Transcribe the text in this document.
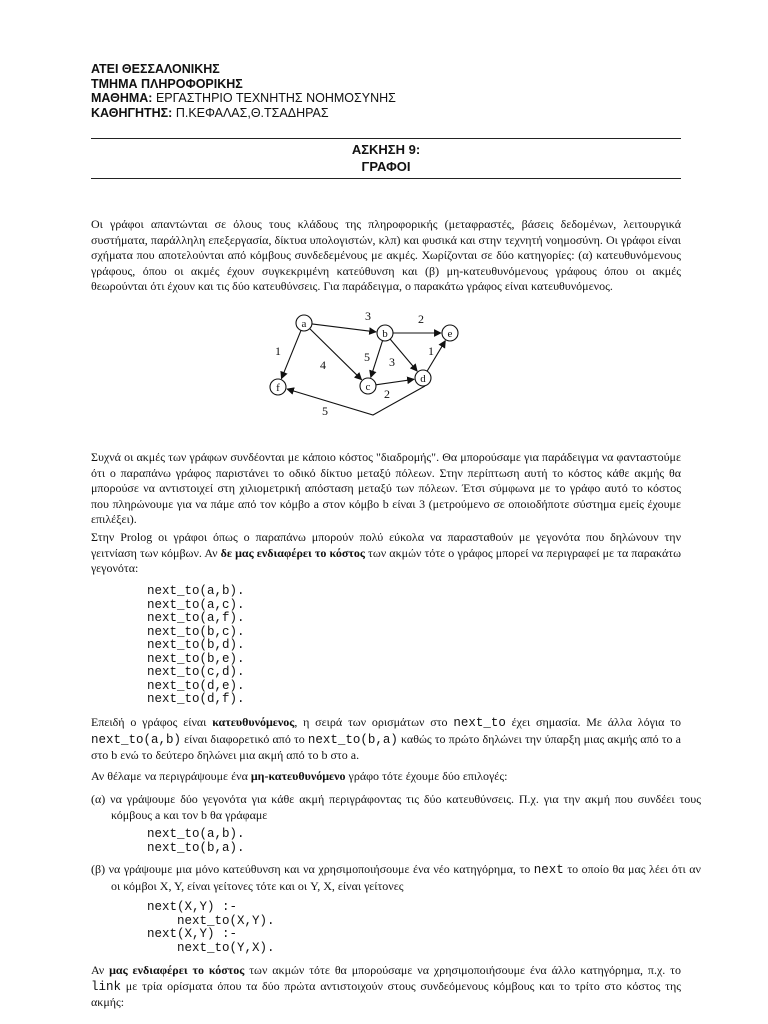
ΑΤΕΙ ΘΕΣΣΑΛΟΝΙΚΗΣ
ΤΜΗΜΑ ΠΛΗΡΟΦΟΡΙΚΗΣ
ΜΑΘΗΜΑ: ΕΡΓΑΣΤΗΡΙΟ ΤΕΧΝΗΤΗΣ ΝΟΗΜΟΣΥΝΗΣ
ΚΑΘΗΓΗΤΗΣ: Π.ΚΕΦΑΛΑΣ,Θ.ΤΣΑΔΗΡΑΣ
ΑΣΚΗΣΗ 9:
ΓΡΑΦΟΙ
Οι γράφοι απαντώνται σε όλους τους κλάδους της πληροφορικής (μεταφραστές, βάσεις δεδομένων, λειτουργικά συστήματα, παράλληλη επεξεργασία, δίκτυα υπολογιστών, κλπ) και φυσικά και στην τεχνητή νοημοσύνη. Οι γράφοι είναι σχήματα που αποτελούνται από κόμβους συνδεδεμένους με ακμές. Χωρίζονται σε δύο κατηγορίες: (α) κατευθυνόμενους γράφους, όπου οι ακμές έχουν συγκεκριμένη κατεύθυνση και (β) μη-κατευθυνόμενους γράφους όπου οι ακμές θεωρούνται ότι έχουν και τις δύο κατευθύνσεις. Για παράδειγμα, ο παρακάτω γράφος είναι κατευθυνόμενος.
3	2
1
4
5 3
1
2
5
a
b
c
d
e
f
Συχνά οι ακμές των γράφων συνδέονται με κάποιο κόστος "διαδρομής". Θα μπορούσαμε για παράδειγμα να φανταστούμε ότι ο παραπάνω γράφος παριστάνει το οδικό δίκτυο μεταξύ πόλεων. Στην περίπτωση αυτή το κόστος κάθε ακμής θα μπορούσε να αντιστοιχεί στη χιλιομετρική απόσταση μεταξύ των πόλεων. Έτσι σύμφωνα με το γράφο αυτό το κόστος που πληρώνουμε για να πάμε από τον κόμβο a στον κόμβο b είναι 3 (μετρούμενο σε οποιοδήποτε σύστημα εμείς έχουμε επιλέξει).
Στην Prolog οι γράφοι όπως ο παραπάνω μπορούν πολύ εύκολα να παρασταθούν με γεγονότα που δηλώνουν την γειτνίαση των κόμβων. Αν δε μας ενδιαφέρει το κόστος των ακμών τότε ο γράφος μπορεί να περιγραφεί με τα παρακάτω γεγονότα:
next_to(a,b).
next_to(a,c).
next_to(a,f).
next_to(b,c).
next_to(b,d).
next_to(b,e).
next_to(c,d).
next_to(d,e).
next_to(d,f).
Επειδή ο γράφος είναι κατευθυνόμενος, η σειρά των ορισμάτων στο next_to έχει σημασία. Με άλλα λόγια το next_to(a,b) είναι διαφορετικό από το next_to(b,a) καθώς το πρώτο δηλώνει την ύπαρξη μιας ακμής από το a στο b ενώ το δεύτερο δηλώνει μια ακμή από το b στο a.
Αν θέλαμε να περιγράψουμε ένα μη-κατευθυνόμενο γράφο τότε έχουμε δύο επιλογές:
(α) να γράψουμε δύο γεγονότα για κάθε ακμή περιγράφοντας τις δύο κατευθύνσεις. Π.χ. για την ακμή που συνδέει τους κόμβους a και τον b θα γράφαμε
next_to(a,b).
next_to(b,a).
(β) να γράψουμε μια μόνο κατεύθυνση και να χρησιμοποιήσουμε ένα νέο κατηγόρημα, το next το οποίο θα μας λέει ότι αν οι κόμβοι X, Y, είναι γείτονες τότε και οι Y, X, είναι γείτονες
next(X,Y) :-
next_to(X,Y).
next(X,Y) :-
next_to(Y,X).
Αν μας ενδιαφέρει το κόστος των ακμών τότε θα μπορούσαμε να χρησιμοποιήσουμε ένα άλλο κατηγόρημα, π.χ. το link με τρία ορίσματα όπου τα δύο πρώτα αντιστοιχούν στους συνδεόμενους κόμβους και το τρίτο στο κόστος της ακμής:
